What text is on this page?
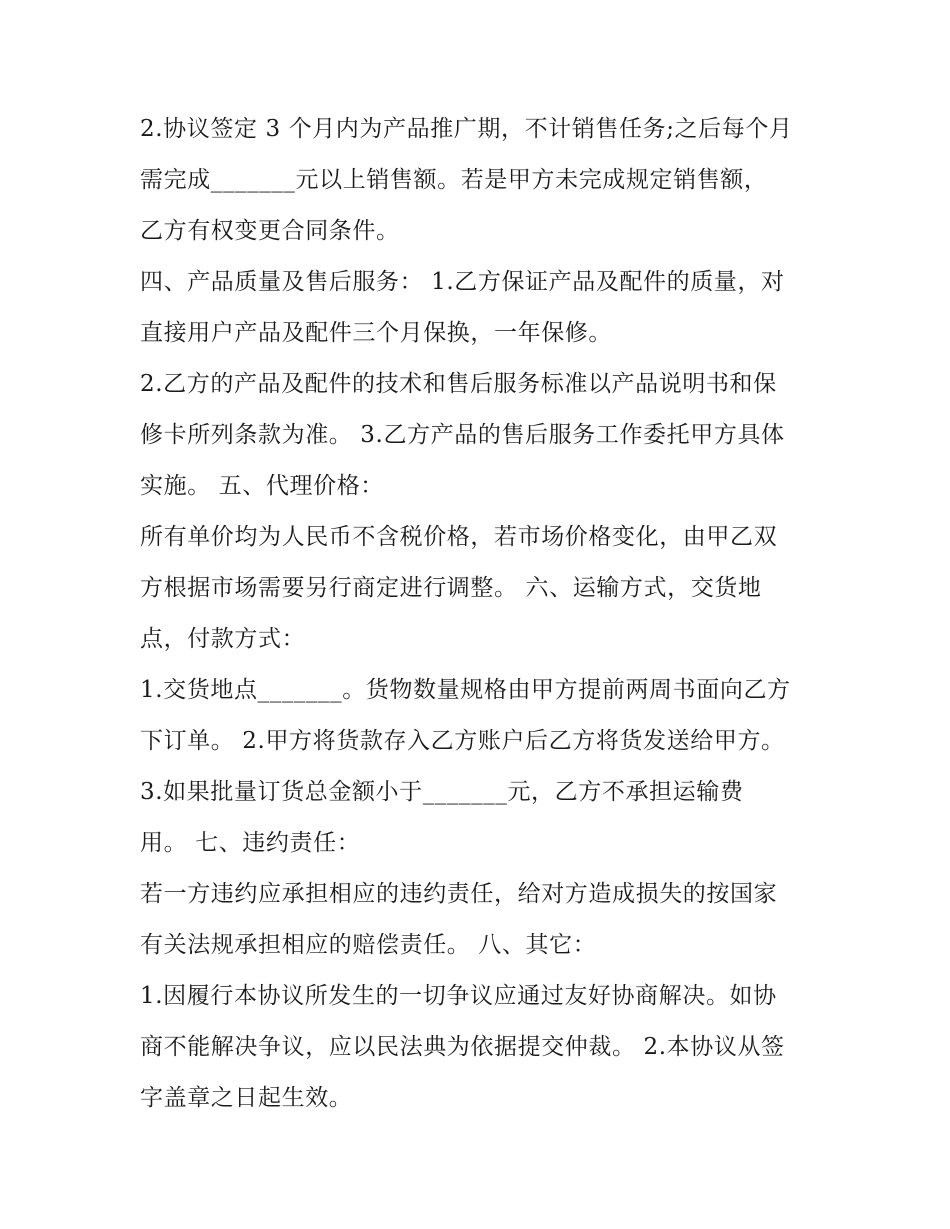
2.协议签定 3 个月内为产品推广期，不计销售任务;之后每个月
需完成_______元以上销售额。若是甲方未完成规定销售额，
乙方有权变更合同条件。
四、产品质量及售后服务： 1.乙方保证产品及配件的质量，对
直接用户产品及配件三个月保换，一年保修。
2.乙方的产品及配件的技术和售后服务标准以产品说明书和保
修卡所列条款为准。 3.乙方产品的售后服务工作委托甲方具体
实施。 五、代理价格：
所有单价均为人民币不含税价格，若市场价格变化，由甲乙双
方根据市场需要另行商定进行调整。 六、运输方式，交货地
点，付款方式：
1.交货地点_______。货物数量规格由甲方提前两周书面向乙方
下订单。 2.甲方将货款存入乙方账户后乙方将货发送给甲方。
3.如果批量订货总金额小于_______元，乙方不承担运输费
用。 七、违约责任：
若一方违约应承担相应的违约责任，给对方造成损失的按国家
有关法规承担相应的赔偿责任。 八、其它：
1.因履行本协议所发生的一切争议应通过友好协商解决。如协
商不能解决争议，应以民法典为依据提交仲裁。 2.本协议从签
字盖章之日起生效。
